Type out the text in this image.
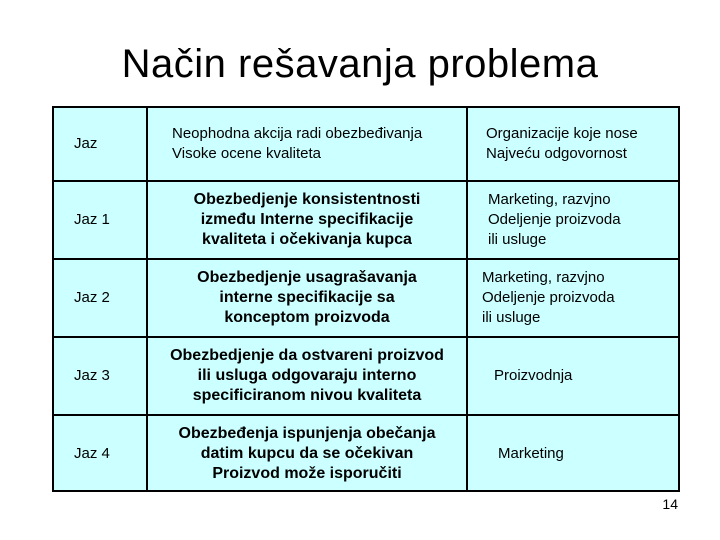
Način rešavanja problema
Jaz
Neophodna akcija radi obezbeđivanja
Visoke ocene kvaliteta
Organizacije koje nose
Najveću odgovornost
Jaz 1
Obezbedjenje konsistentnosti
između Interne specifikacije
kvaliteta i očekivanja kupca
Marketing, razvjno
Odeljenje proizvoda
ili usluge
Jaz 2
Obezbedjenje usagrašavanja
interne specifikacije sa
konceptom proizvoda
Marketing, razvjno
Odeljenje proizvoda
ili usluge
Jaz 3
Obezbedjenje da ostvareni proizvod
ili usluga odgovaraju interno
specificiranom nivou kvaliteta
Proizvodnja
Jaz 4
Obezbeđenja ispunjenja obečanja
datim kupcu da se očekivan
Proizvod može isporučiti
Marketing
14
